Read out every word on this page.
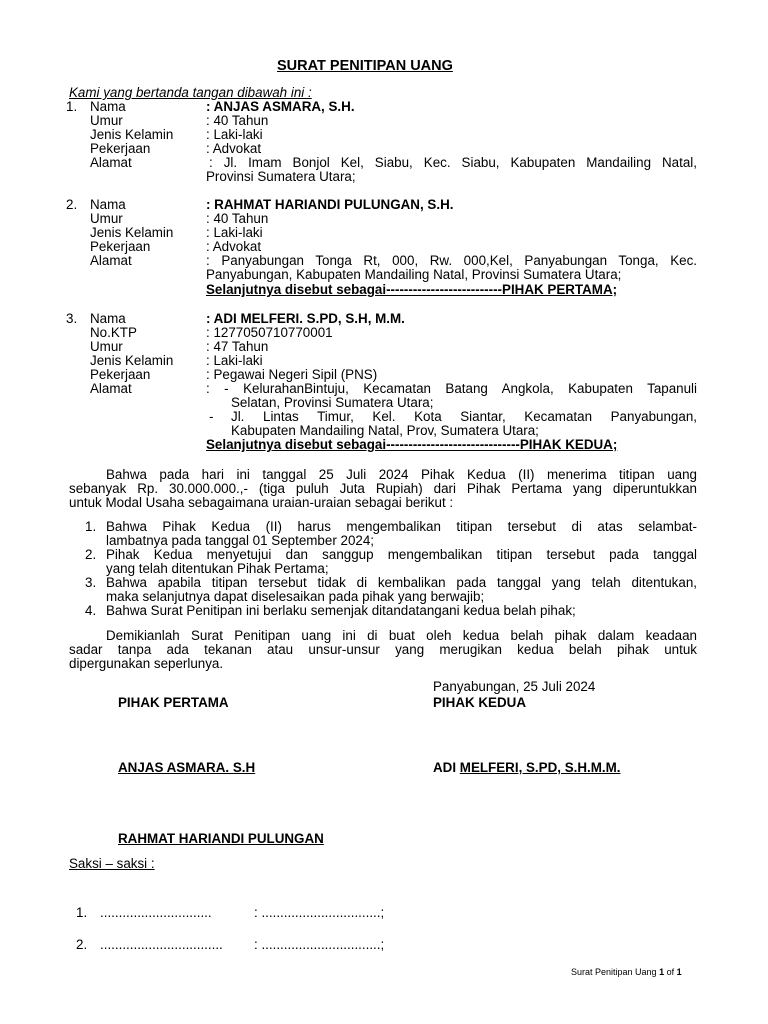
SURAT PENITIPAN UANG
Kami yang bertanda tangan dibawah ini :
1. Nama	: ANJAS ASMARA, S.H.
Umur	: 40 Tahun
Jenis Kelamin : Laki-laki
Pekerjaan	: Advokat
Alamat	: Jl. Imam Bonjol Kel, Siabu, Kec. Siabu, Kabupaten Mandailing Natal,
Provinsi Sumatera Utara;
2. Nama	: RAHMAT HARIANDI PULUNGAN, S.H.
Umur	: 40 Tahun
Jenis Kelamin : Laki-laki
Pekerjaan	: Advokat
Alamat	: Panyabungan Tonga Rt, 000, Rw. 000,Kel, Panyabungan Tonga, Kec.
Panyabungan, Kabupaten Mandailing Natal, Provinsi Sumatera Utara;
Selanjutnya disebut sebagai--------------------------PIHAK PERTAMA;
3. Nama	: ADI MELFERI. S.PD, S.H, M.M.
No.KTP	: 1277050710770001
Umur	: 47 Tahun
Jenis Kelamin : Laki-laki
Pekerjaan	: Pegawai Negeri Sipil (PNS)
Alamat	: - KelurahanBintuju, Kecamatan Batang Angkola, Kabupaten Tapanuli
Selatan, Provinsi Sumatera Utara;
- Jl. Lintas Timur, Kel. Kota Siantar, Kecamatan Panyabungan,
Kabupaten Mandailing Natal, Prov, Sumatera Utara;
Selanjutnya disebut sebagai------------------------------PIHAK KEDUA;
Bahwa pada hari ini tanggal 25 Juli 2024 Pihak Kedua (II) menerima titipan uang
sebanyak Rp. 30.000.000.,- (tiga puluh Juta Rupiah) dari Pihak Pertama yang diperuntukkan
untuk Modal Usaha sebagaimana uraian-uraian sebagai berikut :
1. Bahwa Pihak Kedua (II) harus mengembalikan titipan tersebut di atas selambat-
lambatnya pada tanggal 01 September 2024;
2. Pihak Kedua menyetujui dan sanggup mengembalikan titipan tersebut pada tanggal
yang telah ditentukan Pihak Pertama;
3. Bahwa apabila titipan tersebut tidak di kembalikan pada tanggal yang telah ditentukan,
maka selanjutnya dapat diselesaikan pada pihak yang berwajib;
4. Bahwa Surat Penitipan ini berlaku semenjak ditandatangani kedua belah pihak;
Demikianlah Surat Penitipan uang ini di buat oleh kedua belah pihak dalam keadaan
sadar tanpa ada tekanan atau unsur-unsur yang merugikan kedua belah pihak untuk
dipergunakan seperlunya.
Panyabungan, 25 Juli 2024
PIHAK PERTAMA	PIHAK KEDUA
ANJAS ASMARA. S.H	ADI MELFERI, S.PD, S.H.M.M.
RAHMAT HARIANDI PULUNGAN
Saksi – saksi :
1. ..............................	: ................................;
2. ................................. : ................................;
Surat Penitipan Uang 1 of 1
